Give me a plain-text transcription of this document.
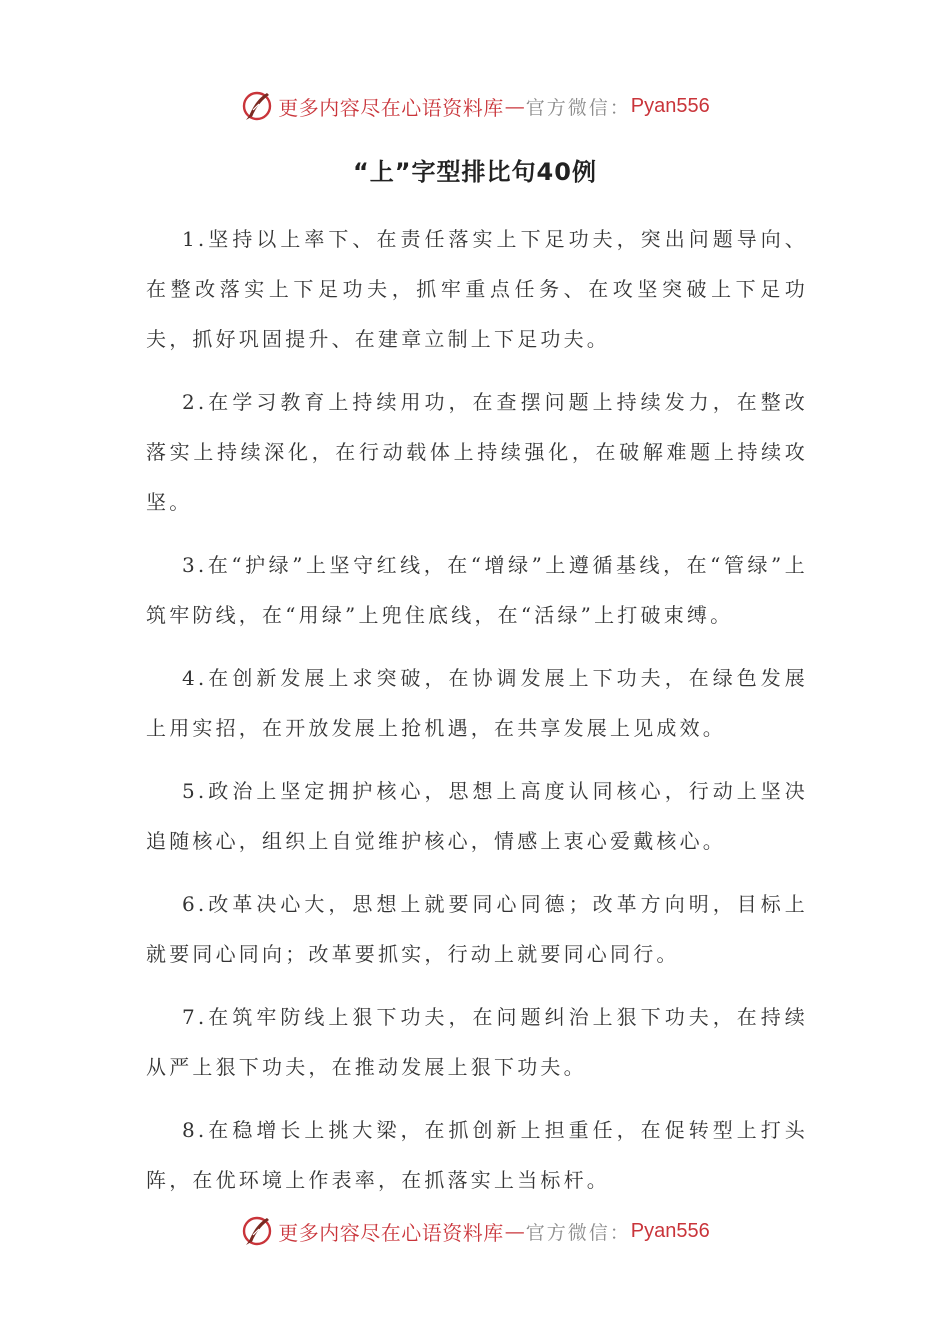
更多内容尽在心语资料库 — 官方微信： Pyan556
“上”字型排比句40例

1.坚持以上率下、在责任落实上下足功夫，突出问题导向、在整改落实上下足功夫，抓牢重点任务、在攻坚突破上下足功夫，抓好巩固提升、在建章立制上下足功夫。

2.在学习教育上持续用功，在查摆问题上持续发力，在整改落实上持续深化，在行动载体上持续强化，在破解难题上持续攻坚。

3.在“护绿”上坚守红线，在“增绿”上遵循基线，在“管绿”上筑牢防线，在“用绿”上兜住底线，在“活绿”上打破束缚。

4.在创新发展上求突破，在协调发展上下功夫，在绿色发展上用实招，在开放发展上抢机遇，在共享发展上见成效。

5.政治上坚定拥护核心，思想上高度认同核心，行动上坚决追随核心，组织上自觉维护核心，情感上衷心爱戴核心。

6.改革决心大，思想上就要同心同德；改革方向明，目标上就要同心同向；改革要抓实，行动上就要同心同行。

7.在筑牢防线上狠下功夫，在问题纠治上狠下功夫，在持续从严上狠下功夫，在推动发展上狠下功夫。

8.在稳增长上挑大梁，在抓创新上担重任，在促转型上打头阵，在优环境上作表率，在抓落实上当标杆。

更多内容尽在心语资料库 — 官方微信： Pyan556
